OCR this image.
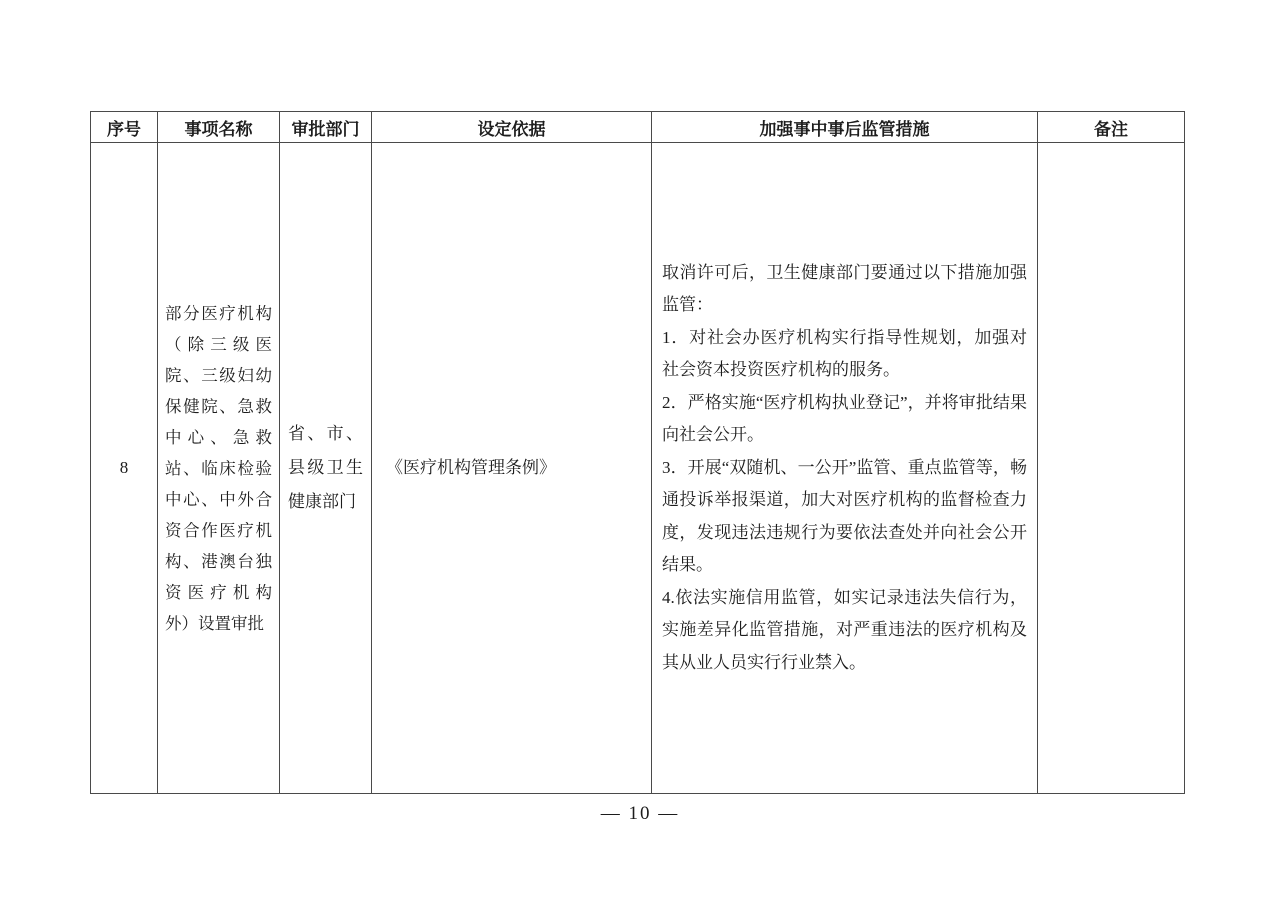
序号	事项名称	审批部门	设定依据	加强事中事后监管措施	备注
8	部分医疗机构（除三级医院、三级妇幼保健院、急救中心、急救站、临床检验中心、中外合资合作医疗机构、港澳台独资医疗机构外）设置审批	省、市、县级卫生健康部门	《医疗机构管理条例》	取消许可后，卫生健康部门要通过以下措施加强监管：

1．对社会办医疗机构实行指导性规划，加强对社会资本投资医疗机构的服务。

2．严格实施“医疗机构执业登记”，并将审批结果向社会公开。

3．开展“双随机、一公开”监管、重点监管等，畅通投诉举报渠道，加大对医疗机构的监督检查力度，发现违法违规行为要依法查处并向社会公开结果。

4.依法实施信用监管，如实记录违法失信行为，实施差异化监管措施，对严重违法的医疗机构及其从业人员实行行业禁入。	

— 10 —
